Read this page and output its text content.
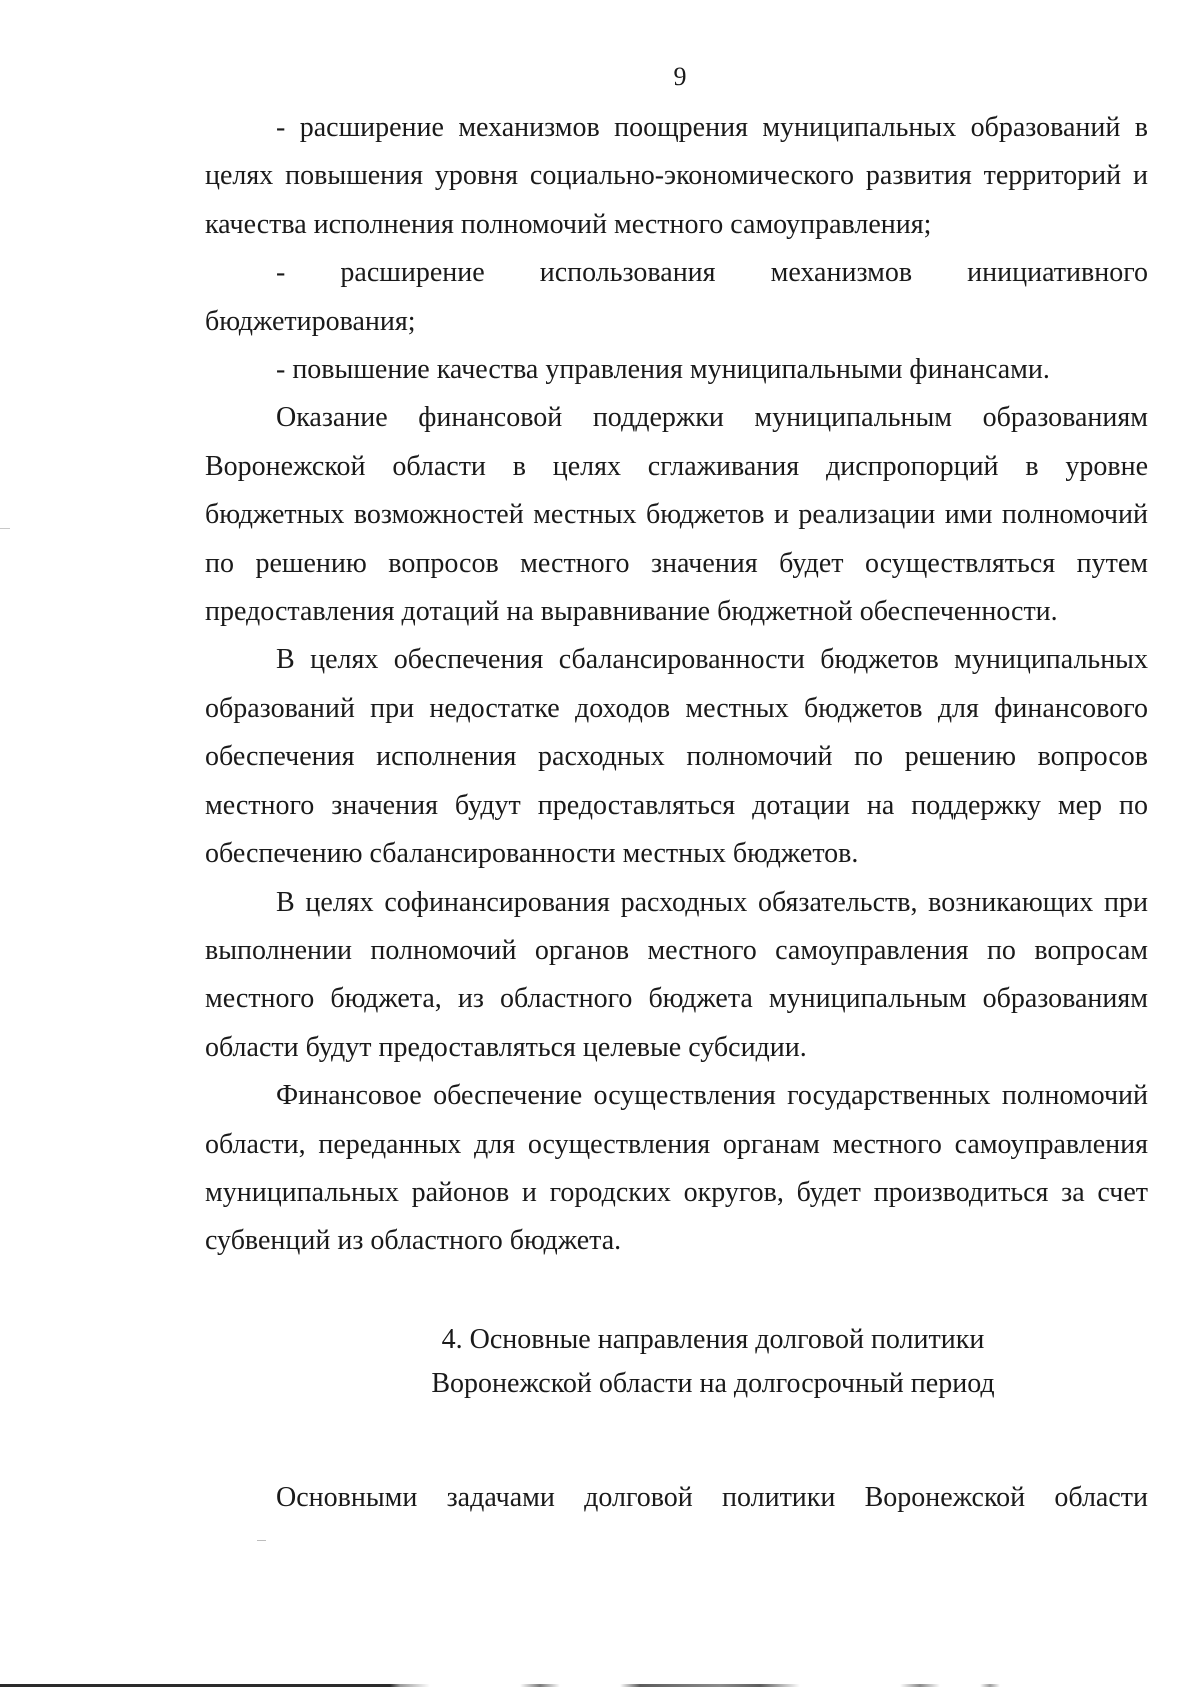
9

- расширение механизмов поощрения муниципальных образований в целях повышения уровня социально-экономического развития территорий и качества исполнения полномочий местного самоуправления;

- расширение использования механизмов инициативного бюджетирования;

- повышение качества управления муниципальными финансами.

Оказание финансовой поддержки муниципальным образованиям Воронежской области в целях сглаживания диспропорций в уровне бюджетных возможностей местных бюджетов и реализации ими полномочий по решению вопросов местного значения будет осуществляться путем предоставления дотаций на выравнивание бюджетной обеспеченности.

В целях обеспечения сбалансированности бюджетов муниципальных образований при недостатке доходов местных бюджетов для финансового обеспечения исполнения расходных полномочий по решению вопросов местного значения будут предоставляться дотации на поддержку мер по обеспечению сбалансированности местных бюджетов.

В целях софинансирования расходных обязательств, возникающих при выполнении полномочий органов местного самоуправления по вопросам местного бюджета, из областного бюджета муниципальным образованиям области будут предоставляться целевые субсидии.

Финансовое обеспечение осуществления государственных полномочий области, переданных для осуществления органам местного самоуправления муниципальных районов и городских округов, будет производиться за счет субвенций из областного бюджета.

4. Основные направления долговой политики
Воронежской области на долгосрочный период
Основными задачами долговой политики Воронежской области
